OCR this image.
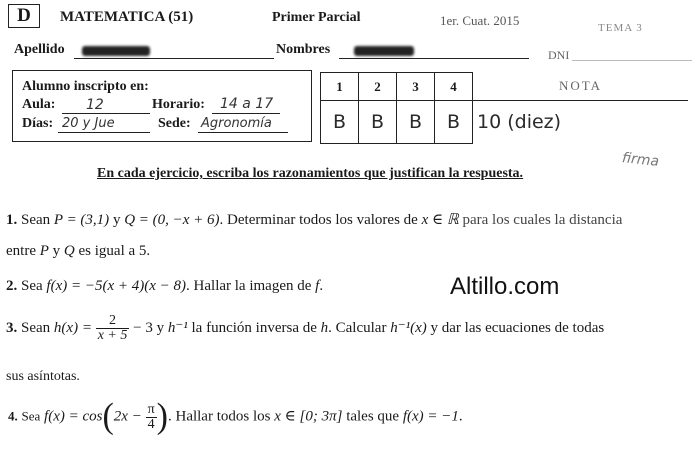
D	MATEMATICA (51)	Primer Parcial	1er. Cuat. 2015	TEMA 3
Apellido	Nombres	DNI
Alumno inscripto en:
Aula: 12	Horario: 14 a 17
Días: 20 y Jue	Sede: Agronomía
1	2	3	4	NOTA
B	B	B	B	10 (diez)
firma
En cada ejercicio, escriba los razonamientos que justifican la respuesta.
1. Sean P = (3,1) y Q = (0, −x + 6). Determinar todos los valores de x ∈ ℝ para los cuales la distancia
entre P y Q es igual a 5.
2. Sea f(x) = −5(x + 4)(x − 8). Hallar la imagen de f.	Altillo.com
3. Sean $h(x) = \frac{2}{x + 5} - 3$ y h⁻¹ la función inversa de h. Calcular h⁻¹(x) y dar las ecuaciones de todas
sus asíntotas.
4. Sea $f(x) = \cos(2x - \frac{\pi}{4}$ ). Hallar todos los x ∈ [0; 3π] tales que f(x) = −1.
